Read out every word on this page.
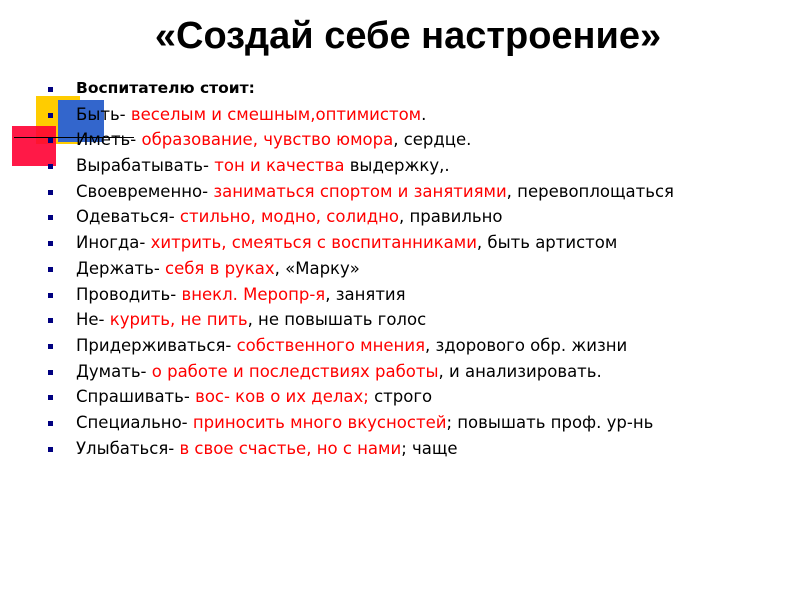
«Создай себе настроение»
Воспитателю стоит:
Быть- веселым и смешным,оптимистом.
Иметь- образование, чувство юмора, сердце.
Вырабатывать- тон и качества выдержку,.
Своевременно- заниматься спортом и занятиями, перевоплощаться
Одеваться- стильно, модно, солидно, правильно
Иногда- хитрить, смеяться с воспитанниками, быть артистом
Держать- себя в руках, «Марку»
Проводить- внекл. Меропр-я, занятия
Не- курить, не пить, не повышать голос
Придерживаться- собственного мнения, здорового обр. жизни
Думать- о работе и последствиях работы, и анализировать.
Спрашивать- вос- ков о их делах; строго
Специально- приносить много вкусностей; повышать проф. ур-нь
Улыбаться- в свое счастье, но с нами; чаще
